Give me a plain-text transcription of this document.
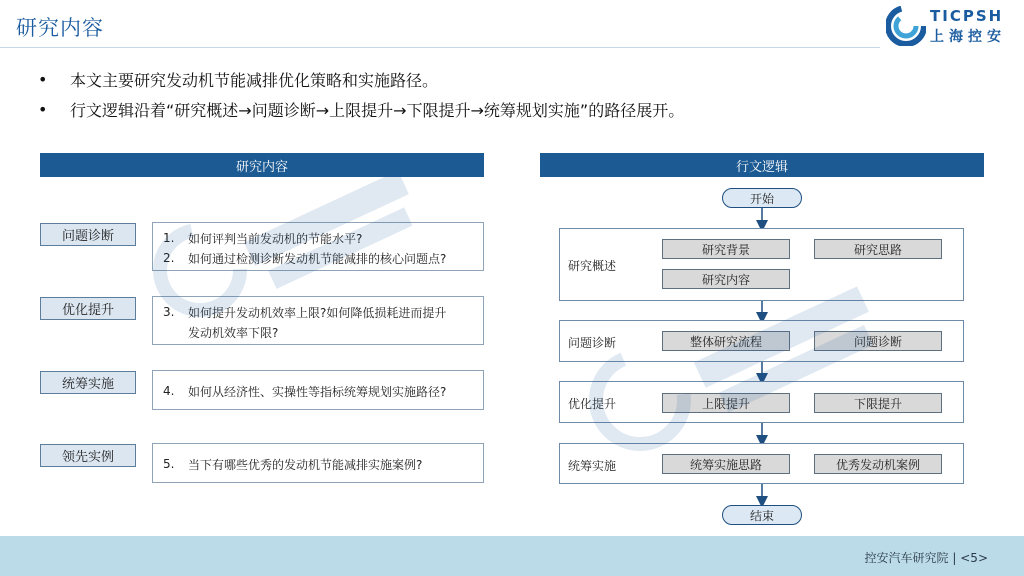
研究内容	TICPSH
上海控安
•	本文主要研究发动机节能减排优化策略和实施路径。
•	行文逻辑沿着“研究概述→问题诊断→上限提升→下限提升→统筹规划实施”的路径展开。
研究内容
问题诊断	1.	如何评判当前发动机的节能水平?
2.	如何通过检测诊断发动机节能减排的核心问题点?
优化提升	3.	如何提升发动机效率上限?如何降低损耗进而提升
发动机效率下限?
统筹实施	4.	如何从经济性、实操性等指标统筹规划实施路径?
领先实例	5.	当下有哪些优秀的发动机节能减排实施案例?
行文逻辑
开始
研究概述
研究背景	研究思路
研究内容
问题诊断	整体研究流程	问题诊断
优化提升	上限提升	下限提升
统筹实施	统筹实施思路	优秀发动机案例
结束
控安汽车研究院 | <5>
